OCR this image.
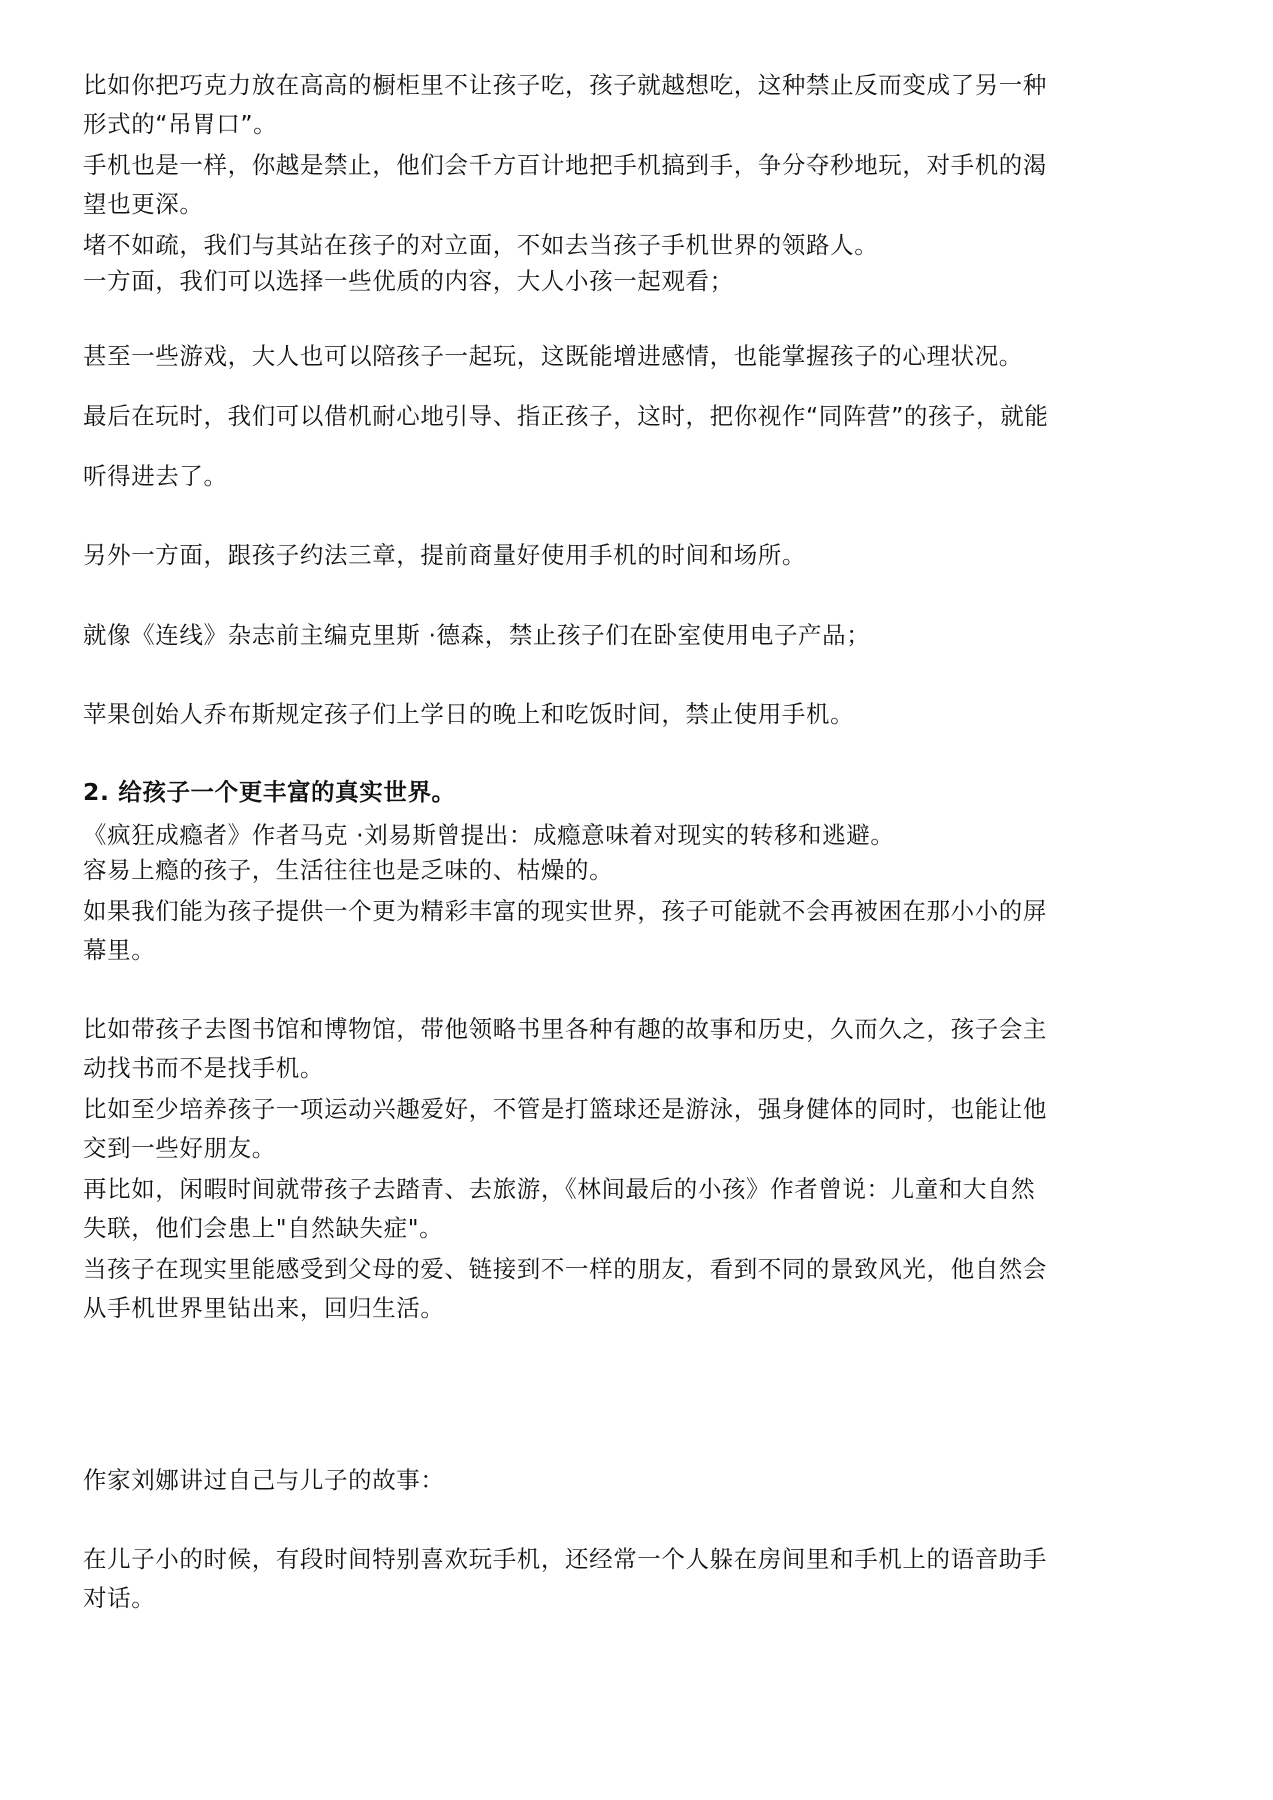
比如你把巧克力放在高高的橱柜里不让孩子吃，孩子就越想吃，这种禁止反而变成了另一种
形式的“吊胃口”。

手机也是一样，你越是禁止，他们会千方百计地把手机搞到手，争分夺秒地玩，对手机的渴
望也更深。

堵不如疏，我们与其站在孩子的对立面，不如去当孩子手机世界的领路人。

一方面，我们可以选择一些优质的内容，大人小孩一起观看；

甚至一些游戏，大人也可以陪孩子一起玩，这既能增进感情，也能掌握孩子的心理状况。

最后在玩时，我们可以借机耐心地引导、指正孩子，这时，把你视作“同阵营”的孩子，就能

听得进去了。

另外一方面，跟孩子约法三章，提前商量好使用手机的时间和场所。

就像《连线》杂志前主编克里斯 ·德森，禁止孩子们在卧室使用电子产品；

苹果创始人乔布斯规定孩子们上学日的晚上和吃饭时间，禁止使用手机。

2. 给孩子一个更丰富的真实世界。

《疯狂成瘾者》作者马克 ·刘易斯曾提出：成瘾意味着对现实的转移和逃避。

容易上瘾的孩子，生活往往也是乏味的、枯燥的。

如果我们能为孩子提供一个更为精彩丰富的现实世界，孩子可能就不会再被困在那小小的屏
幕里。

比如带孩子去图书馆和博物馆，带他领略书里各种有趣的故事和历史，久而久之，孩子会主
动找书而不是找手机。

比如至少培养孩子一项运动兴趣爱好，不管是打篮球还是游泳，强身健体的同时，也能让他
交到一些好朋友。

再比如，闲暇时间就带孩子去踏青、去旅游，《林间最后的小孩》作者曾说：儿童和大自然
失联，他们会患上"自然缺失症"。

当孩子在现实里能感受到父母的爱、链接到不一样的朋友，看到不同的景致风光，他自然会
从手机世界里钻出来，回归生活。

作家刘娜讲过自己与儿子的故事：

在儿子小的时候，有段时间特别喜欢玩手机，还经常一个人躲在房间里和手机上的语音助手
对话。
